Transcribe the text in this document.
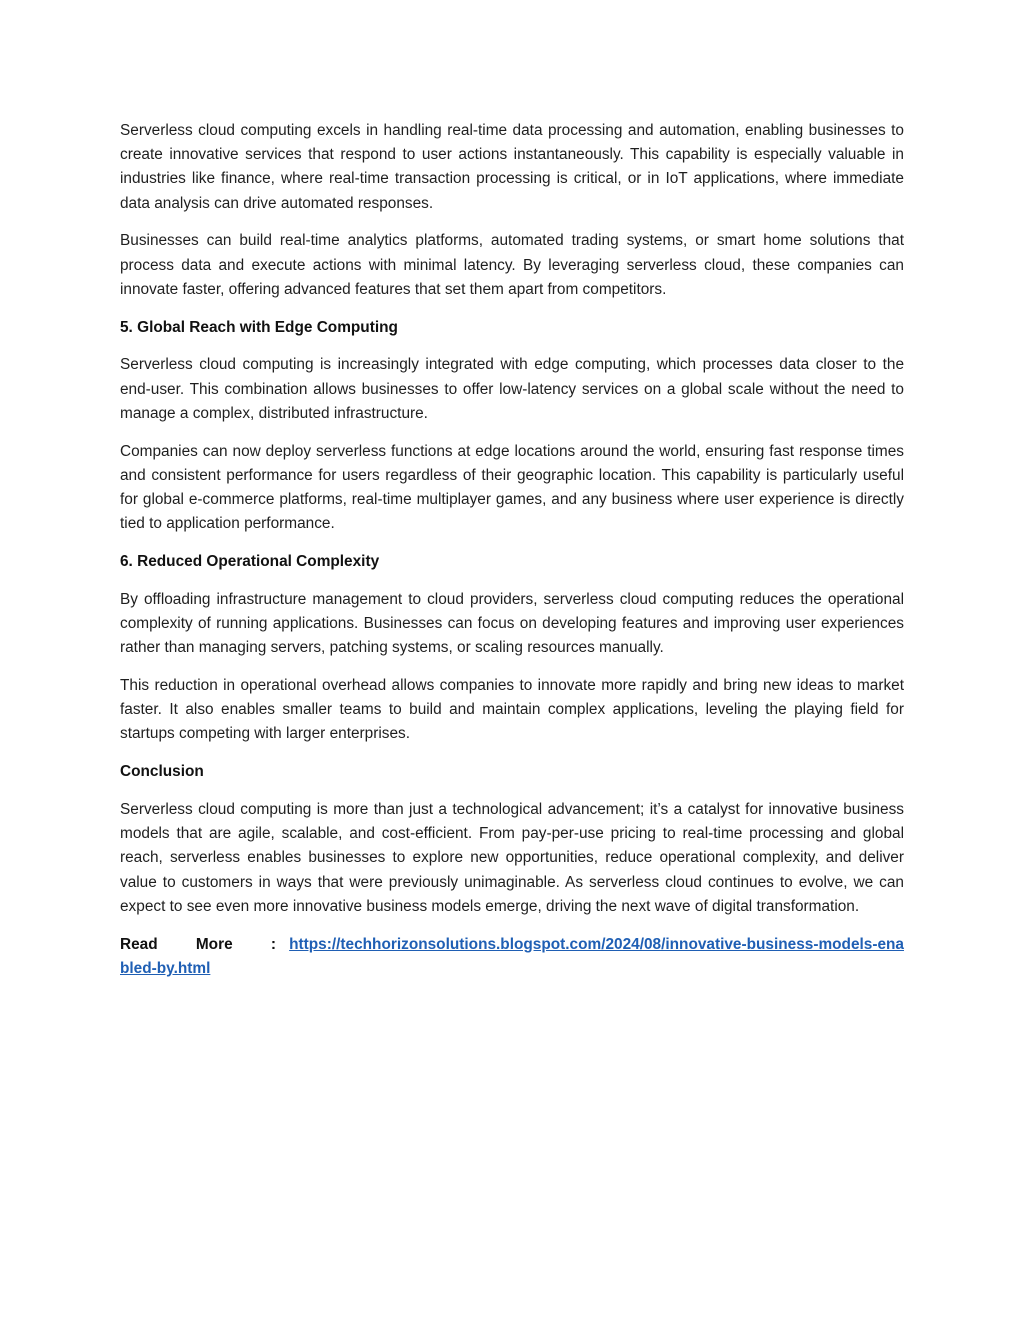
Serverless cloud computing excels in handling real-time data processing and automation, enabling businesses to create innovative services that respond to user actions instantaneously. This capability is especially valuable in industries like finance, where real-time transaction processing is critical, or in IoT applications, where immediate data analysis can drive automated responses.

Businesses can build real-time analytics platforms, automated trading systems, or smart home solutions that process data and execute actions with minimal latency. By leveraging serverless cloud, these companies can innovate faster, offering advanced features that set them apart from competitors.

5. Global Reach with Edge Computing

Serverless cloud computing is increasingly integrated with edge computing, which processes data closer to the end-user. This combination allows businesses to offer low-latency services on a global scale without the need to manage a complex, distributed infrastructure.

Companies can now deploy serverless functions at edge locations around the world, ensuring fast response times and consistent performance for users regardless of their geographic location. This capability is particularly useful for global e-commerce platforms, real-time multiplayer games, and any business where user experience is directly tied to application performance.

6. Reduced Operational Complexity

By offloading infrastructure management to cloud providers, serverless cloud computing reduces the operational complexity of running applications. Businesses can focus on developing features and improving user experiences rather than managing servers, patching systems, or scaling resources manually.

This reduction in operational overhead allows companies to innovate more rapidly and bring new ideas to market faster. It also enables smaller teams to build and maintain complex applications, leveling the playing field for startups competing with larger enterprises.

Conclusion

Serverless cloud computing is more than just a technological advancement; it’s a catalyst for innovative business models that are agile, scalable, and cost-efficient. From pay-per-use pricing to real-time processing and global reach, serverless enables businesses to explore new opportunities, reduce operational complexity, and deliver value to customers in ways that were previously unimaginable. As serverless cloud continues to evolve, we can expect to see even more innovative business models emerge, driving the next wave of digital transformation.

Read More : https://techhorizonsolutions.blogspot.com/2024/08/innovative-business-models-enabled-by.html
